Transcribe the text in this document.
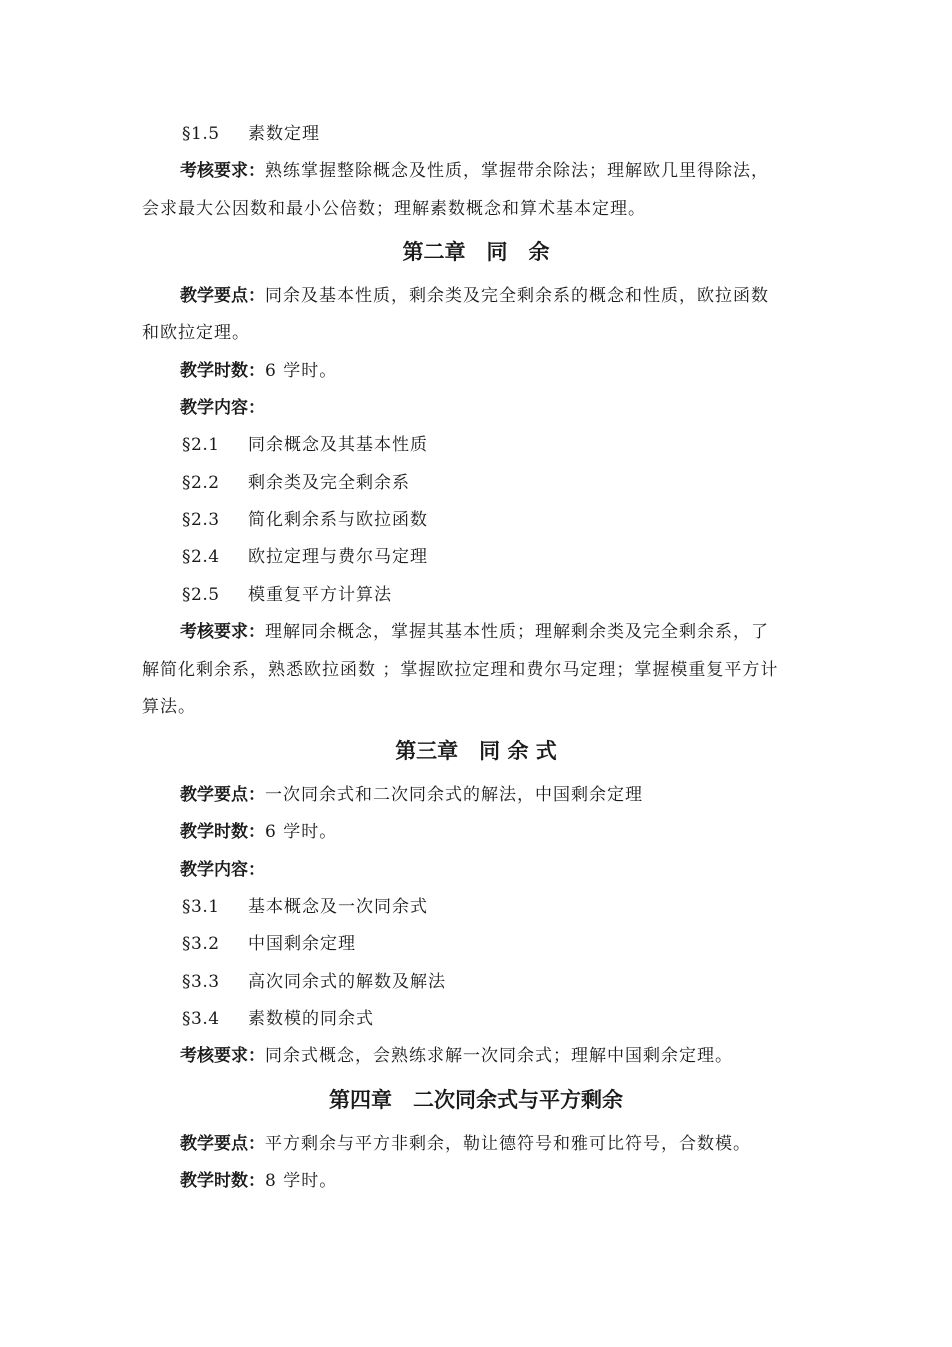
§1.5 素数定理
考核要求：熟练掌握整除概念及性质，掌握带余除法；理解欧几里得除法，
会求最大公因数和最小公倍数；理解素数概念和算术基本定理。
第二章　同　余
教学要点：同余及基本性质，剩余类及完全剩余系的概念和性质，欧拉函数
和欧拉定理。
教学时数：6 学时。
教学内容：
§2.1 同余概念及其基本性质
§2.2 剩余类及完全剩余系
§2.3 简化剩余系与欧拉函数
§2.4 欧拉定理与费尔马定理
§2.5 模重复平方计算法
考核要求：理解同余概念，掌握其基本性质；理解剩余类及完全剩余系，了
解简化剩余系，熟悉欧拉函数 ；掌握欧拉定理和费尔马定理；掌握模重复平方计
算法。
第三章　同 余 式
教学要点：一次同余式和二次同余式的解法，中国剩余定理
教学时数：6 学时。
教学内容：
§3.1 基本概念及一次同余式
§3.2 中国剩余定理
§3.3 高次同余式的解数及解法
§3.4 素数模的同余式
考核要求：同余式概念，会熟练求解一次同余式；理解中国剩余定理。
第四章　二次同余式与平方剩余
教学要点：平方剩余与平方非剩余，勒让德符号和雅可比符号，合数模。
教学时数：8 学时。
